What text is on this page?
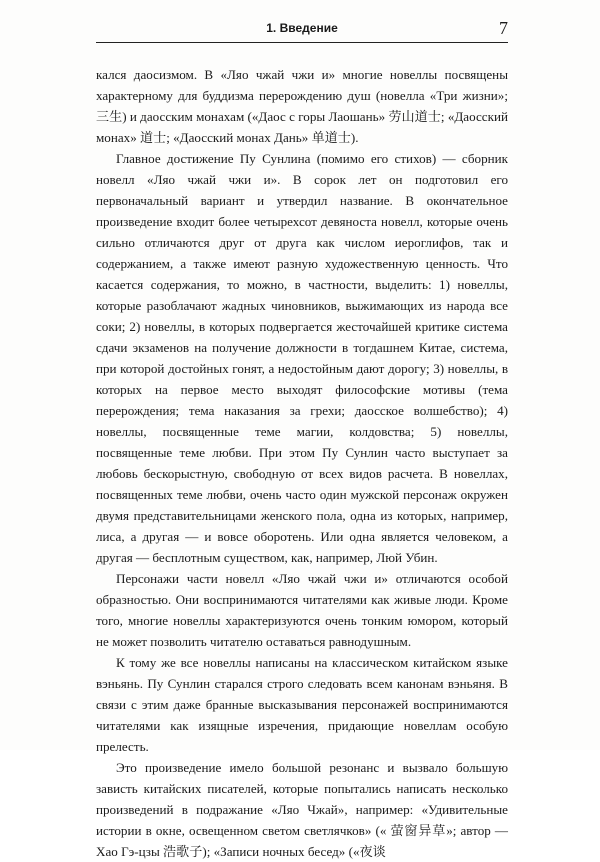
1. Введение	7

кался даосизмом. В «Ляо чжай чжи и» многие новеллы посвящены характерному для буддизма перерождению душ (новелла «Три жизни»; 三生) и даосским монахам («Даос с горы Лаошань» 劳山道士; «Даосский монах» 道士; «Даосский монах Дань» 单道士).

Главное достижение Пу Сунлина (помимо его стихов) — сборник новелл «Ляо чжай чжи и». В сорок лет он подготовил его первоначальный вариант и утвердил название. В окончательное произведение входит более четырехсот девяноста новелл, которые очень сильно отличаются друг от друга как числом иероглифов, так и содержанием, а также имеют разную художественную ценность. Что касается содержания, то можно, в частности, выделить: 1) новеллы, которые разоблачают жадных чиновников, выжимающих из народа все соки; 2) новеллы, в которых подвергается жесточайшей критике система сдачи экзаменов на получение должности в тогдашнем Китае, система, при которой достойных гонят, а недостойным дают дорогу; 3) новеллы, в которых на первое место выходят философские мотивы (тема перерождения; тема наказания за грехи; даосское волшебство); 4) новеллы, посвященные теме магии, колдовства; 5) новеллы, посвященные теме любви. При этом Пу Сунлин часто выступает за любовь бескорыстную, свободную от всех видов расчета. В новеллах, посвященных теме любви, очень часто один мужской персонаж окружен двумя представительницами женского пола, одна из которых, например, лиса, а другая — и вовсе оборотень. Или одна является человеком, а другая — бесплотным существом, как, например, Люй Убин.

Персонажи части новелл «Ляо чжай чжи и» отличаются особой образностью. Они воспринимаются читателями как живые люди. Кроме того, многие новеллы характеризуются очень тонким юмором, который не может позволить читателю оставаться равнодушным.

К тому же все новеллы написаны на классическом китайском языке вэньянь. Пу Сунлин старался строго следовать всем канонам вэньяня. В связи с этим даже бранные высказывания персонажей воспринимаются читателями как изящные изречения, придающие новеллам особую прелесть.

Это произведение имело большой резонанс и вызвало большую зависть китайских писателей, которые попытались написать несколько произведений в подражание «Ляо Чжай», например: «Удивительные истории в окне, освещенном светом светлячков» (« 萤窗异草»; автор — Хао Гэ-цзы 浩歌子); «Записи ночных бесед» («夜谈
